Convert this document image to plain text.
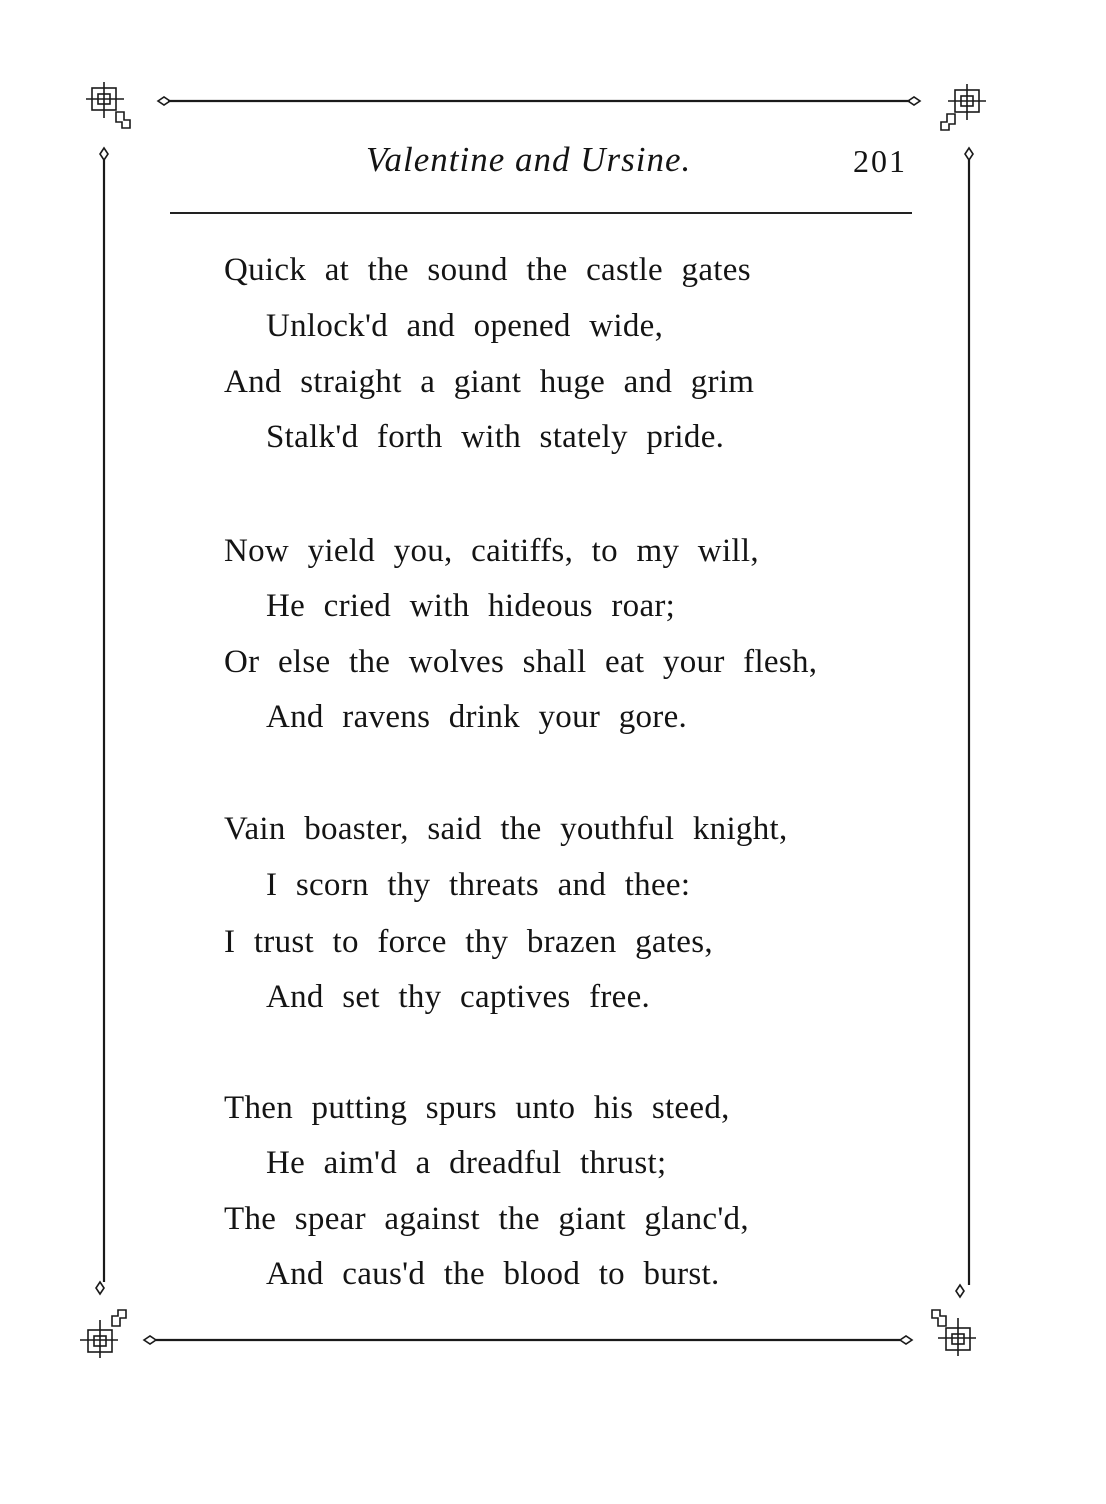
Valentine and Ursine.	201
Quick at the sound the castle gates
Unlock'd and opened wide,
And straight a giant huge and grim
Stalk'd forth with stately pride.
Now yield you, caitiffs, to my will,
He cried with hideous roar;
Or else the wolves shall eat your flesh,
And ravens drink your gore.
Vain boaster, said the youthful knight,
I scorn thy threats and thee:
I trust to force thy brazen gates,
And set thy captives free.
Then putting spurs unto his steed,
He aim'd a dreadful thrust;
The spear against the giant glanc'd,
And caus'd the blood to burst.
